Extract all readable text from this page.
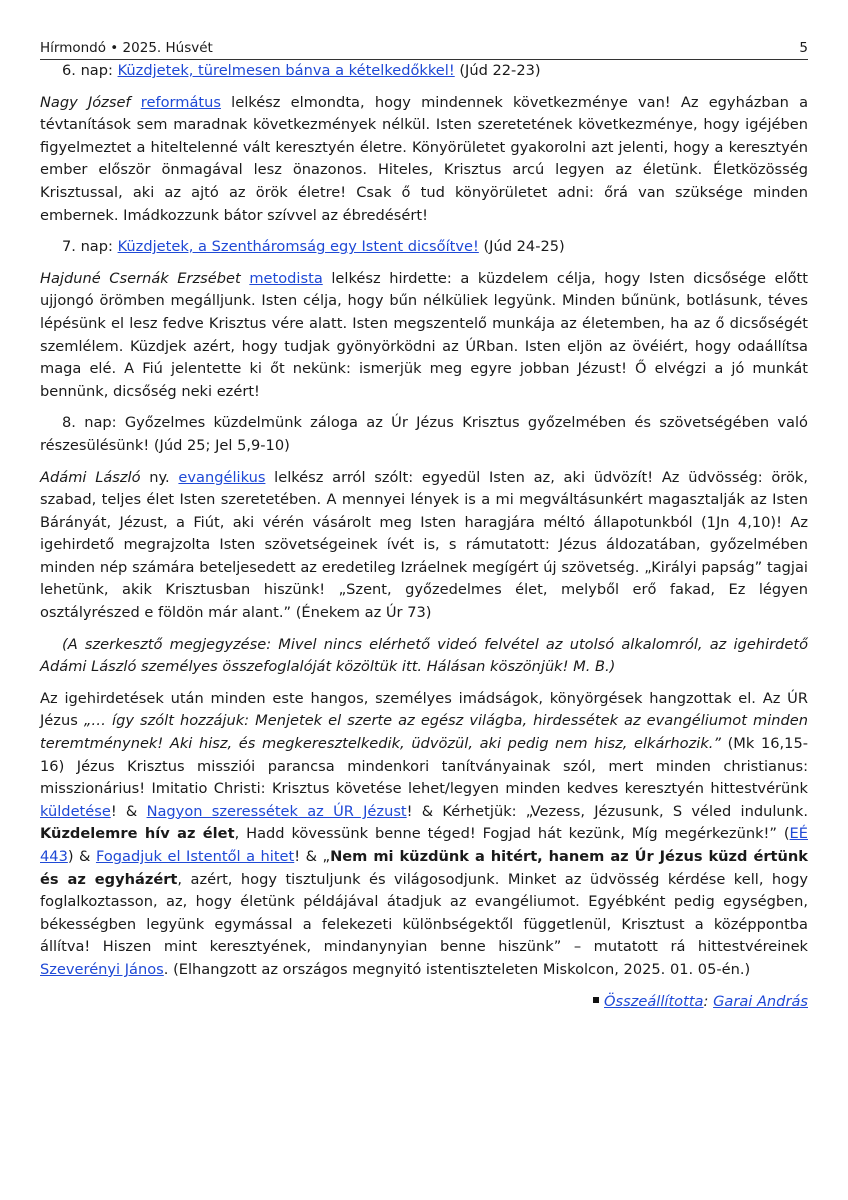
Hírmondó • 2025. Húsvét	5

6. nap: Küzdjetek, türelmesen bánva a kételkedőkkel! (Júd 22-23)

Nagy József református lelkész elmondta, hogy mindennek következménye van! Az egyházban a tévtanítások sem maradnak következmények nélkül. Isten szeretetének következménye, hogy igéjében figyelmeztet a hiteltelenné vált keresztyén életre. Könyörületet gyakorolni azt jelenti, hogy a keresztyén ember először önmagával lesz önazonos. Hiteles, Krisztus arcú legyen az életünk. Életközösség Krisztussal, aki az ajtó az örök életre! Csak ő tud könyörületet adni: őrá van szüksége minden embernek. Imádkozzunk bátor szívvel az ébredésért!

7. nap: Küzdjetek, a Szentháromság egy Istent dicsőítve! (Júd 24-25)

Hajduné Csernák Erzsébet metodista lelkész hirdette: a küzdelem célja, hogy Isten dicsősége előtt ujjongó örömben megálljunk. Isten célja, hogy bűn nélküliek legyünk. Minden bűnünk, botlásunk, téves lépésünk el lesz fedve Krisztus vére alatt. Isten megszentelő munkája az életemben, ha az ő dicsőségét szemlélem. Küzdjek azért, hogy tudjak gyönyörködni az ÚRban. Isten eljön az övéiért, hogy odaállítsa maga elé. A Fiú jelentette ki őt nekünk: ismerjük meg egyre jobban Jézust! Ő elvégzi a jó munkát bennünk, dicsőség neki ezért!

8. nap: Győzelmes küzdelmünk záloga az Úr Jézus Krisztus győzelmében és szövetségében való részesülésünk! (Júd 25; Jel 5,9-10)

Adámi László ny. evangélikus lelkész arról szólt: egyedül Isten az, aki üdvözít! Az üdvösség: örök, szabad, teljes élet Isten szeretetében. A mennyei lények is a mi megváltásunkért magasztalják az Isten Bárányát, Jézust, a Fiút, aki vérén vásárolt meg Isten haragjára méltó állapotunkból (1Jn 4,10)! Az igehirdető megrajzolta Isten szövetségeinek ívét is, s rámutatott: Jézus áldozatában, győzelmében minden nép számára beteljesedett az eredetileg Izráelnek megígért új szövetség. „Királyi papság” tagjai lehetünk, akik Krisztusban hiszünk! „Szent, győzedelmes élet, melyből erő fakad, Ez légyen osztályrészed e földön már alant.” (Énekem az Úr 73)

(A szerkesztő megjegyzése: Mivel nincs elérhető videó felvétel az utolsó alkalomról, az igehirdető Adámi László személyes összefoglalóját közöltük itt. Hálásan köszönjük! M. B.)

Az igehirdetések után minden este hangos, személyes imádságok, könyörgések hangzottak el. Az ÚR Jézus „… így szólt hozzájuk: Menjetek el szerte az egész világba, hirdessétek az evangéliumot minden teremtménynek! Aki hisz, és megkeresztelkedik, üdvözül, aki pedig nem hisz, elkárhozik.” (Mk 16,15-16) Jézus Krisztus missziói parancsa mindenkori tanítványainak szól, mert minden christianus: misszionárius! Imitatio Christi: Krisztus követése lehet/legyen minden kedves keresztyén hittestvérünk küldetése! & Nagyon szeressétek az ÚR Jézust! & Kérhetjük: „Vezess, Jézusunk, S véled indulunk. Küzdelemre hív az élet, Hadd kövessünk benne téged! Fogjad hát kezünk, Míg megérkezünk!” (EÉ 443) & Fogadjuk el Istentől a hitet! & „Nem mi küzdünk a hitért, hanem az Úr Jézus küzd értünk és az egyházért, azért, hogy tisztuljunk és világosodjunk. Minket az üdvösség kérdése kell, hogy foglalkoztasson, az, hogy életünk példájával átadjuk az evangéliumot. Egyébként pedig egységben, békességben legyünk egymással a felekezeti különbségektől függetlenül, Krisztust a középpontba állítva! Hiszen mint keresztyének, mindanynyian benne hiszünk” – mutatott rá hittestvéreinek Szeverényi János. (Elhangzott az országos megnyitó istentiszteleten Miskolcon, 2025. 01. 05-én.)

Összeállította: Garai András
